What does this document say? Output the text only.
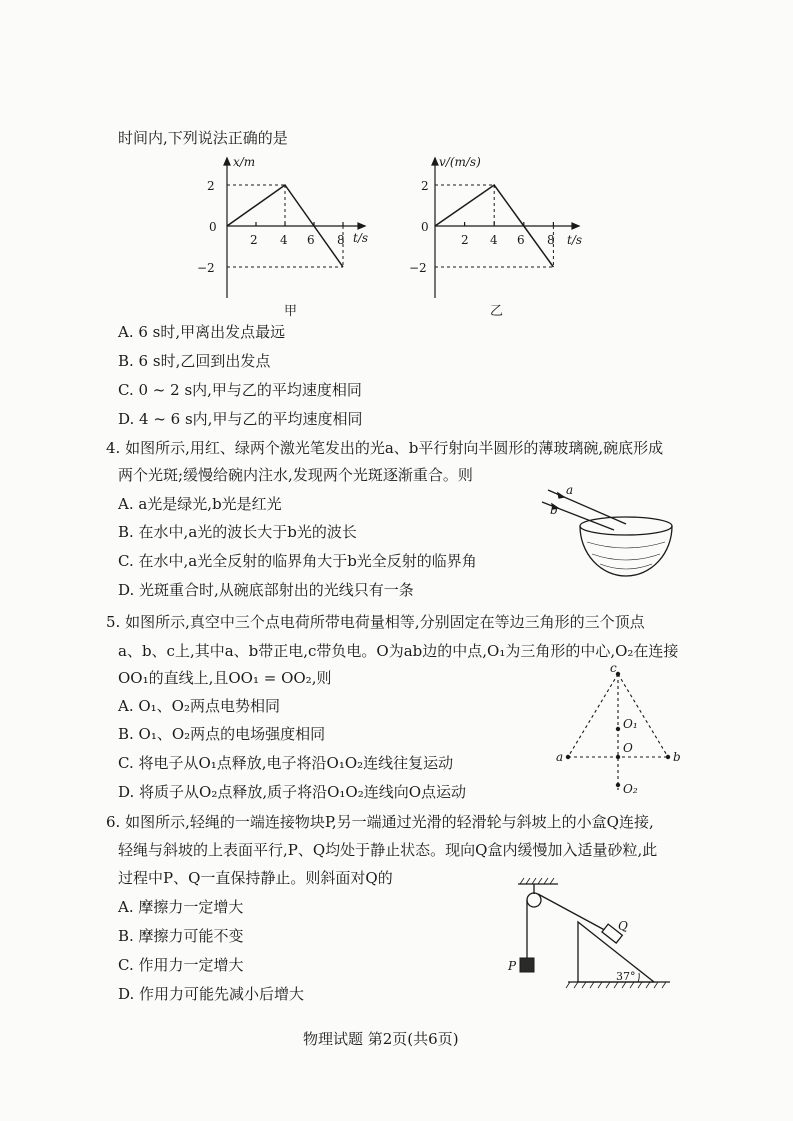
时间内,下列说法正确的是
x/m
t/s
2
0
−2
2 4 6 8
甲
v/(m/s)
t/s
2
0
−2
2 4 6 8
乙
A. 6 s时,甲离出发点最远
B. 6 s时,乙回到出发点
C. 0 ~ 2 s内,甲与乙的平均速度相同
D. 4 ~ 6 s内,甲与乙的平均速度相同
4. 如图所示,用红、绿两个激光笔发出的光a、b平行射向半圆形的薄玻璃碗,碗底形成
两个光斑;缓慢给碗内注水,发现两个光斑逐渐重合。则
A. a光是绿光,b光是红光
B. 在水中,a光的波长大于b光的波长
C. 在水中,a光全反射的临界角大于b光全反射的临界角
D. 光斑重合时,从碗底部射出的光线只有一条
a
b
5. 如图所示,真空中三个点电荷所带电荷量相等,分别固定在等边三角形的三个顶点
a、b、c上,其中a、b带正电,c带负电。O为ab边的中点,O₁为三角形的中心,O₂在连接
OO₁的直线上,且OO₁ = OO₂,则
A. O₁、O₂两点电势相同
B. O₁、O₂两点的电场强度相同
C. 将电子从O₁点释放,电子将沿O₁O₂连线往复运动
D. 将质子从O₂点释放,质子将沿O₁O₂连线向O点运动
c
a	b
O
O₁
O₂
6. 如图所示,轻绳的一端连接物块P,另一端通过光滑的轻滑轮与斜坡上的小盒Q连接,
轻绳与斜坡的上表面平行,P、Q均处于静止状态。现向Q盒内缓慢加入适量砂粒,此
过程中P、Q一直保持静止。则斜面对Q的
A. 摩擦力一定增大
B. 摩擦力可能不变
C. 作用力一定增大
D. 作用力可能先减小后增大
Q
P
37°
物理试题 第2页(共6页)
